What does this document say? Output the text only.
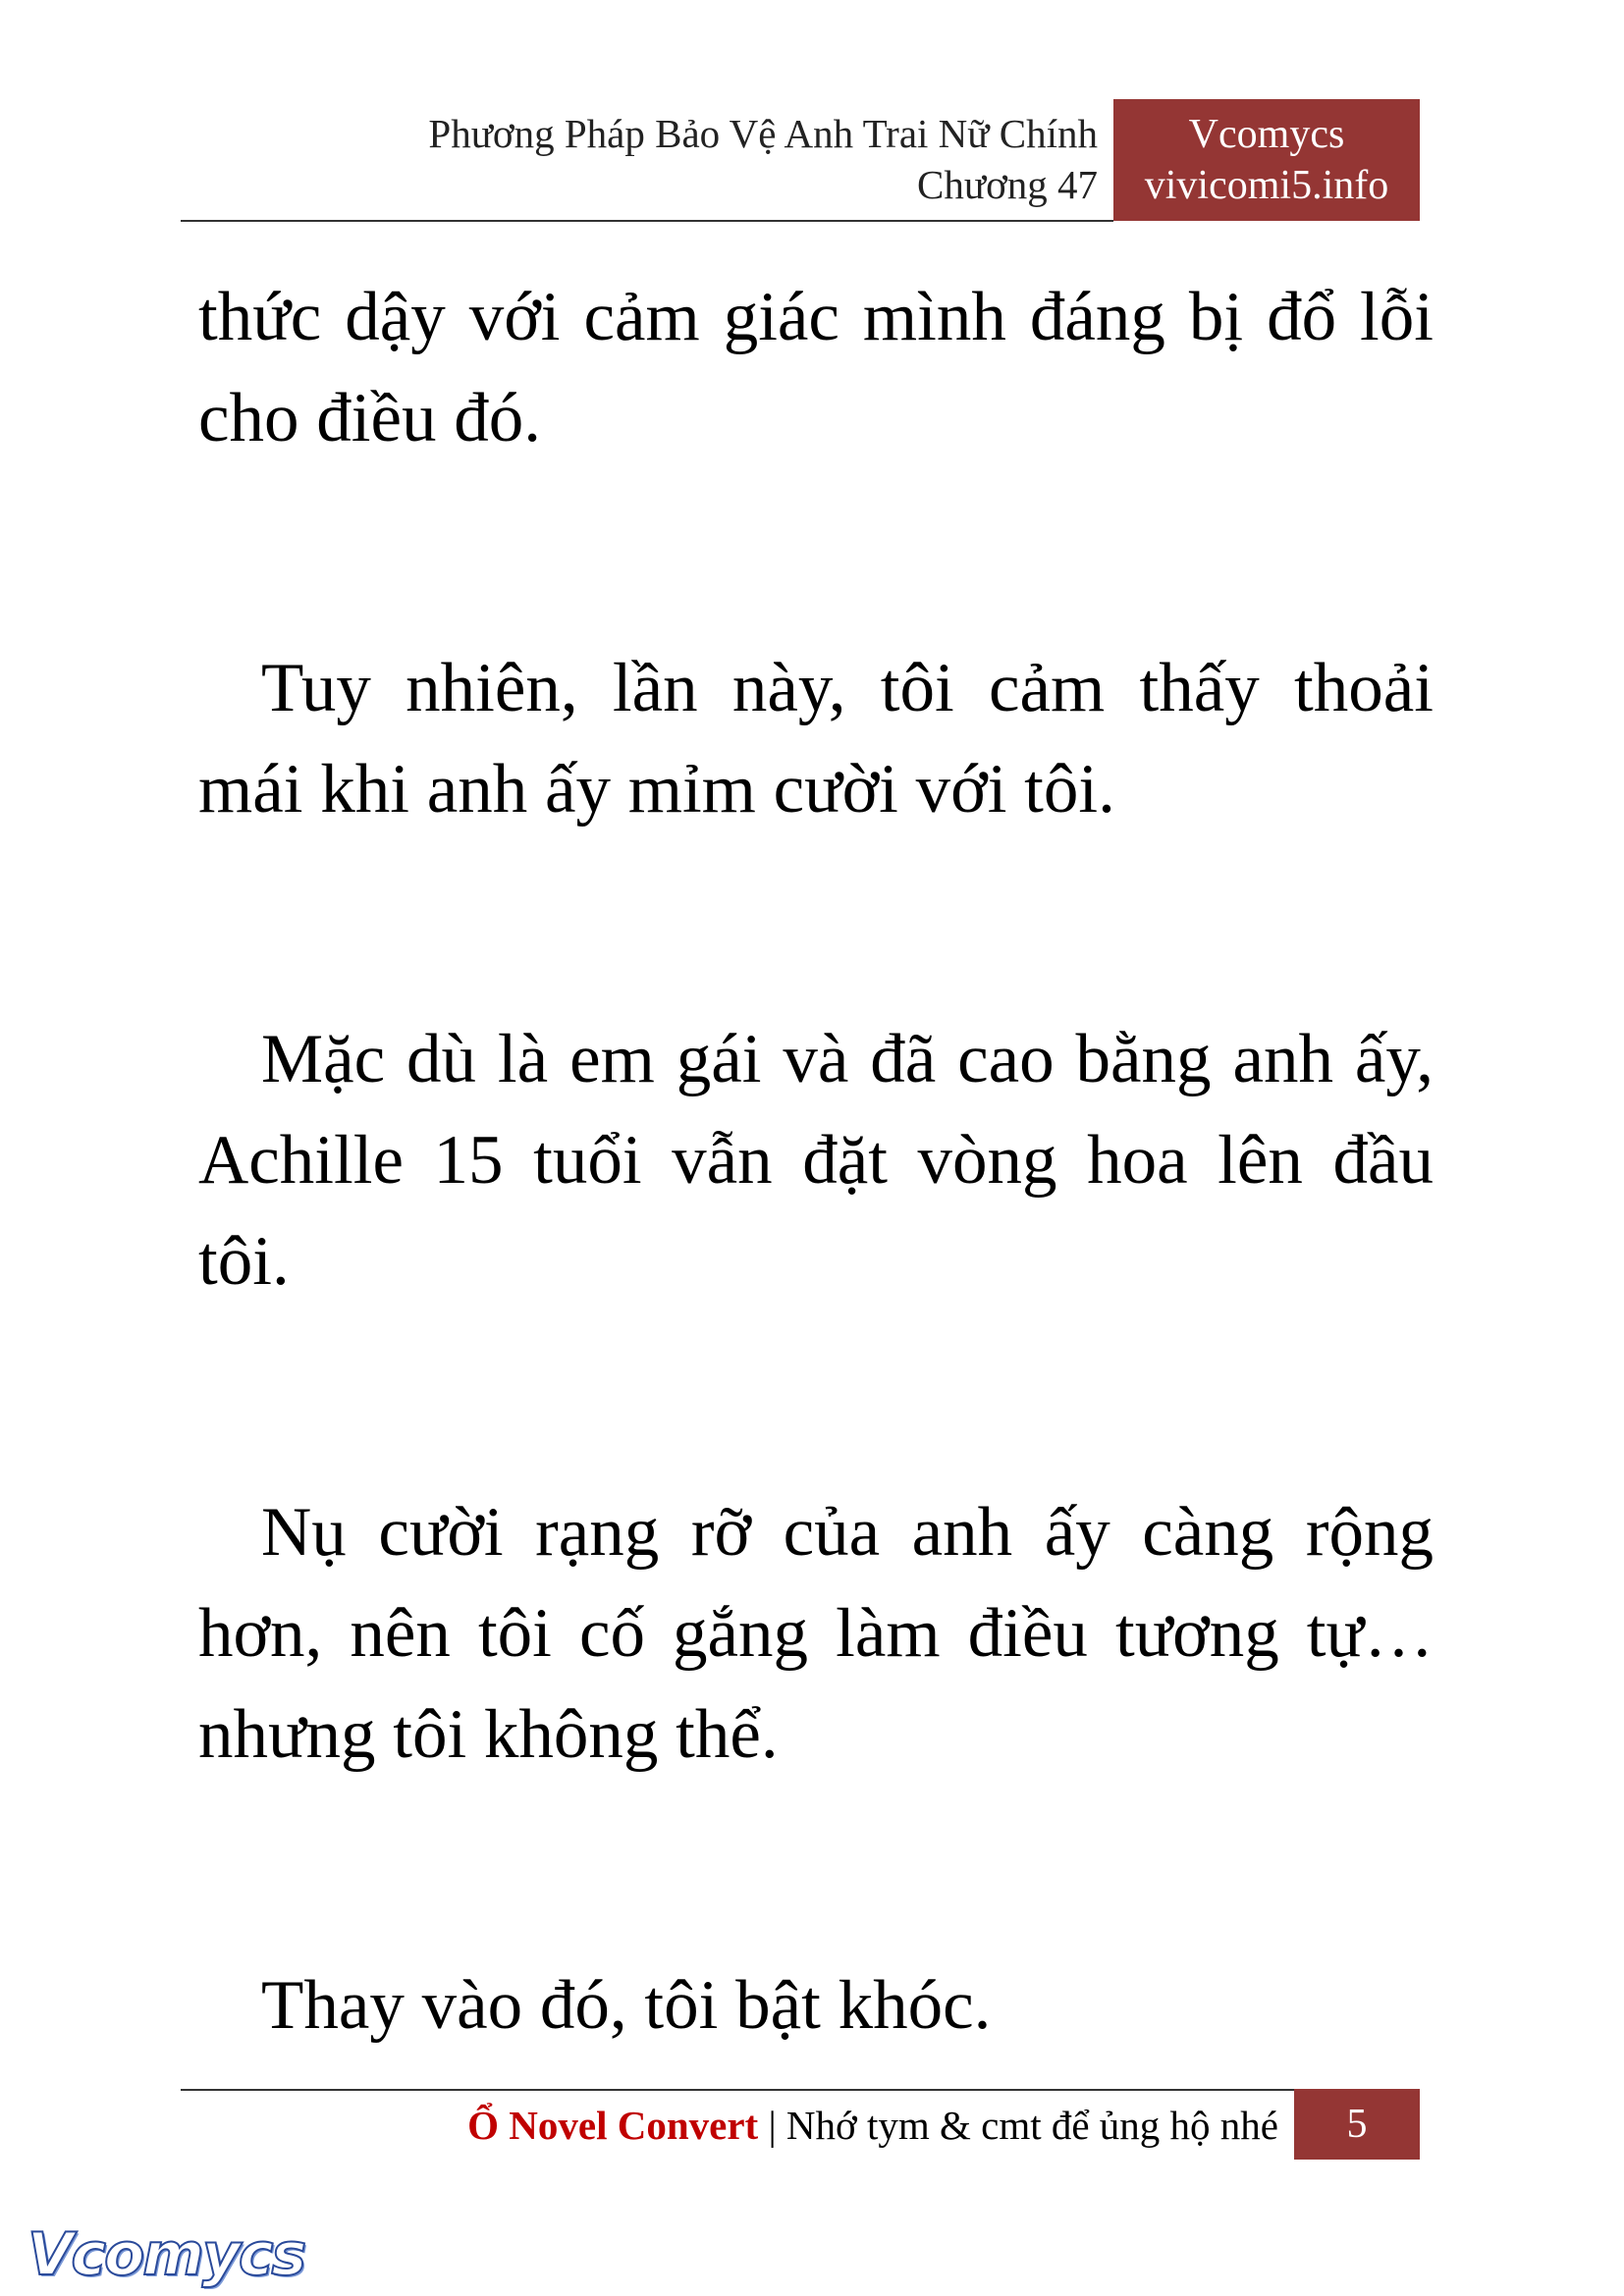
Phương Pháp Bảo Vệ Anh Trai Nữ Chính
Chương 47
Vcomycs
vivicomi5.info
thức dậy với cảm giác mình đáng bị đổ lỗi cho điều đó.
Tuy nhiên, lần này, tôi cảm thấy thoải mái khi anh ấy mỉm cười với tôi.
Mặc dù là em gái và đã cao bằng anh ấy, Achille 15 tuổi vẫn đặt vòng hoa lên đầu tôi.
Nụ cười rạng rỡ của anh ấy càng rộng hơn, nên tôi cố gắng làm điều tương tự… nhưng tôi không thể.
Thay vào đó, tôi bật khóc.
Ổ Novel Convert | Nhớ tym & cmt để ủng hộ nhé	5
Vcomycs
